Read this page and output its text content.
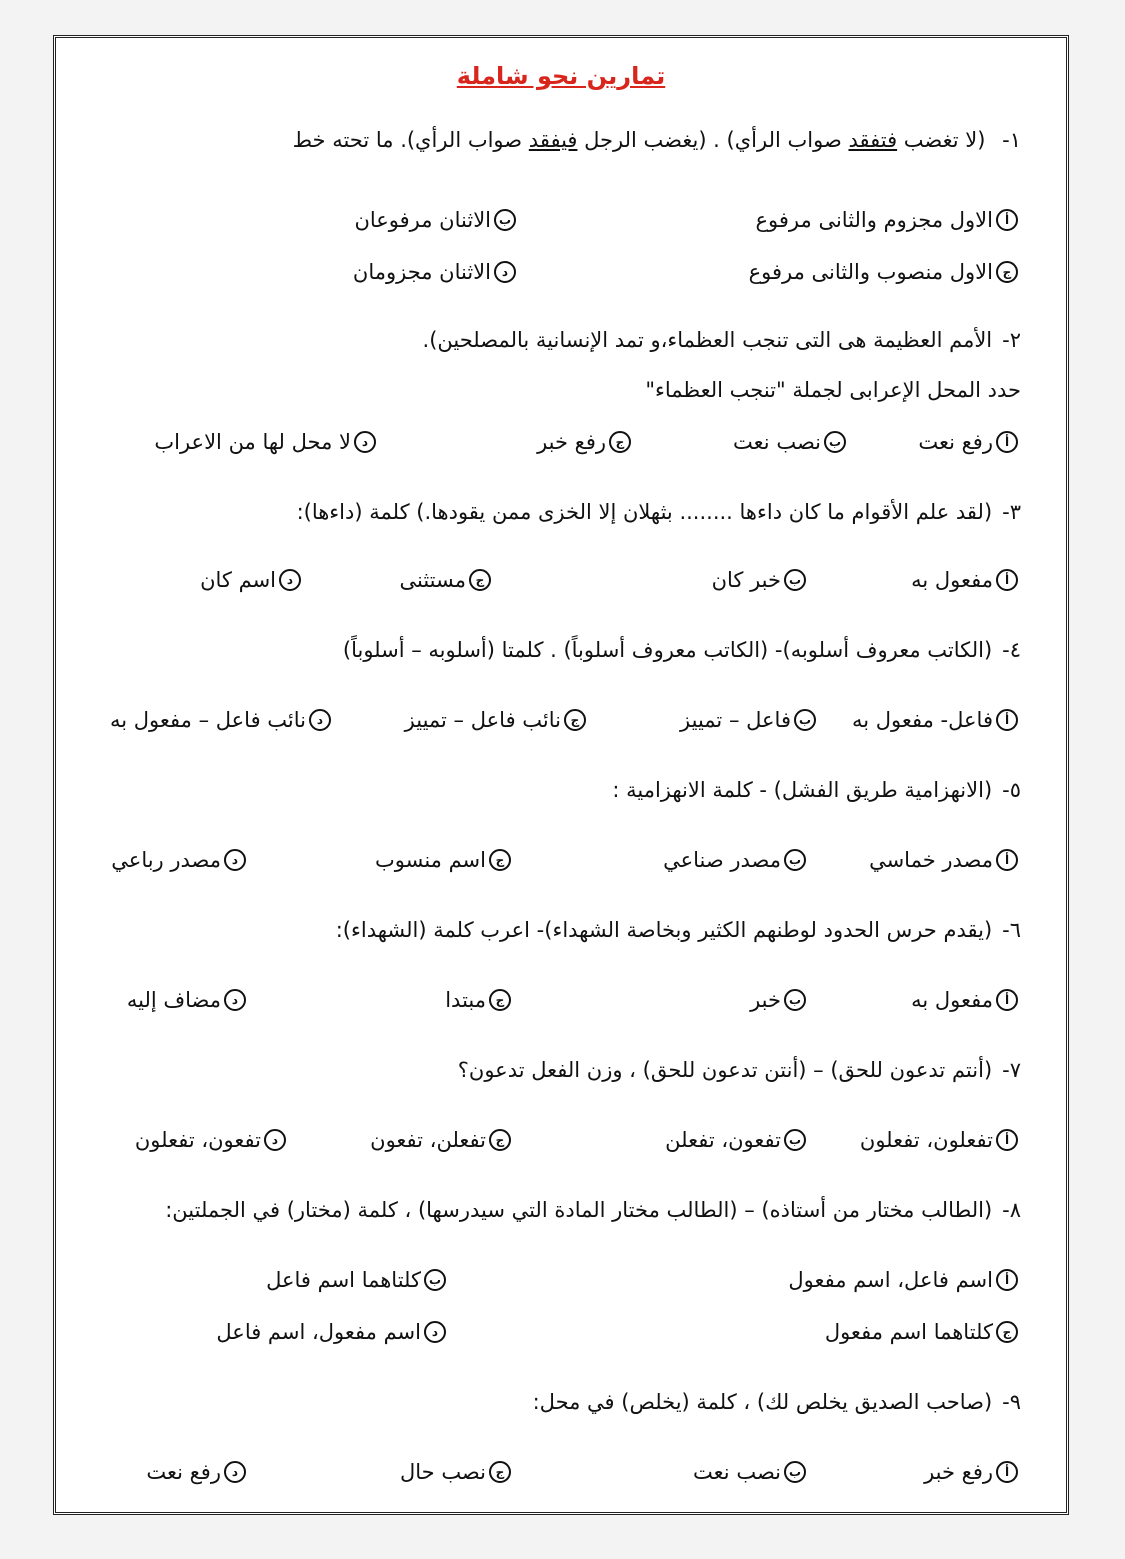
تمارين نحو شاملة
١- (لا تغضب فتفقد صواب الرأي) . (يغضب الرجل فيفقد صواب الرأي). ما تحته خط
أ
الاول مجزوم والثانى مرفوع
ب
الاثنان مرفوعان
ج
الاول منصوب والثانى مرفوع
د
الاثنان مجزومان
٢-الأمم العظيمة هى التى تنجب العظماء،و تمد الإنسانية بالمصلحين).
حدد المحل الإعرابى لجملة "تنجب العظماء"
أ
رفع نعت
ب
نصب نعت
ج
رفع خبر
د
لا محل لها من الاعراب
٣-(لقد علم الأقوام ما كان داءها ........ بثهلان إلا الخزى ممن يقودها.) كلمة (داءها):
أ
مفعول به
ب
خبر كان
ج
مستثنى
د
اسم كان
٤-(الكاتب معروف أسلوبه)- (الكاتب معروف أسلوباً) . كلمتا (أسلوبه – أسلوباً)
أ
فاعل- مفعول به
ب
فاعل – تمييز
ج
نائب فاعل – تمييز
د
نائب فاعل – مفعول به
٥-(الانهزامية طريق الفشل) - كلمة الانهزامية :
أ
مصدر خماسي
ب
مصدر صناعي
ج
اسم منسوب
د
مصدر رباعي
٦-(يقدم حرس الحدود لوطنهم الكثير وبخاصة الشهداء)- اعرب كلمة (الشهداء):
أ
مفعول به
ب
خبر
ج
مبتدا
د
مضاف إليه
٧-(أنتم تدعون للحق) – (أنتن تدعون للحق) ، وزن الفعل تدعون؟
أ
تفعلون، تفعلون
ب
تفعون، تفعلن
ج
تفعلن، تفعون
د
تفعون، تفعلون
٨-(الطالب مختار من أستاذه) – (الطالب مختار المادة التي سيدرسها) ، كلمة (مختار) في الجملتين:
أ
اسم فاعل، اسم مفعول
ب
كلتاهما اسم فاعل
ج
كلتاهما اسم مفعول
د
اسم مفعول، اسم فاعل
٩-(صاحب الصديق يخلص لك) ، كلمة (يخلص) في محل:
أ
رفع خبر
ب
نصب نعت
ج
نصب حال
د
رفع نعت
